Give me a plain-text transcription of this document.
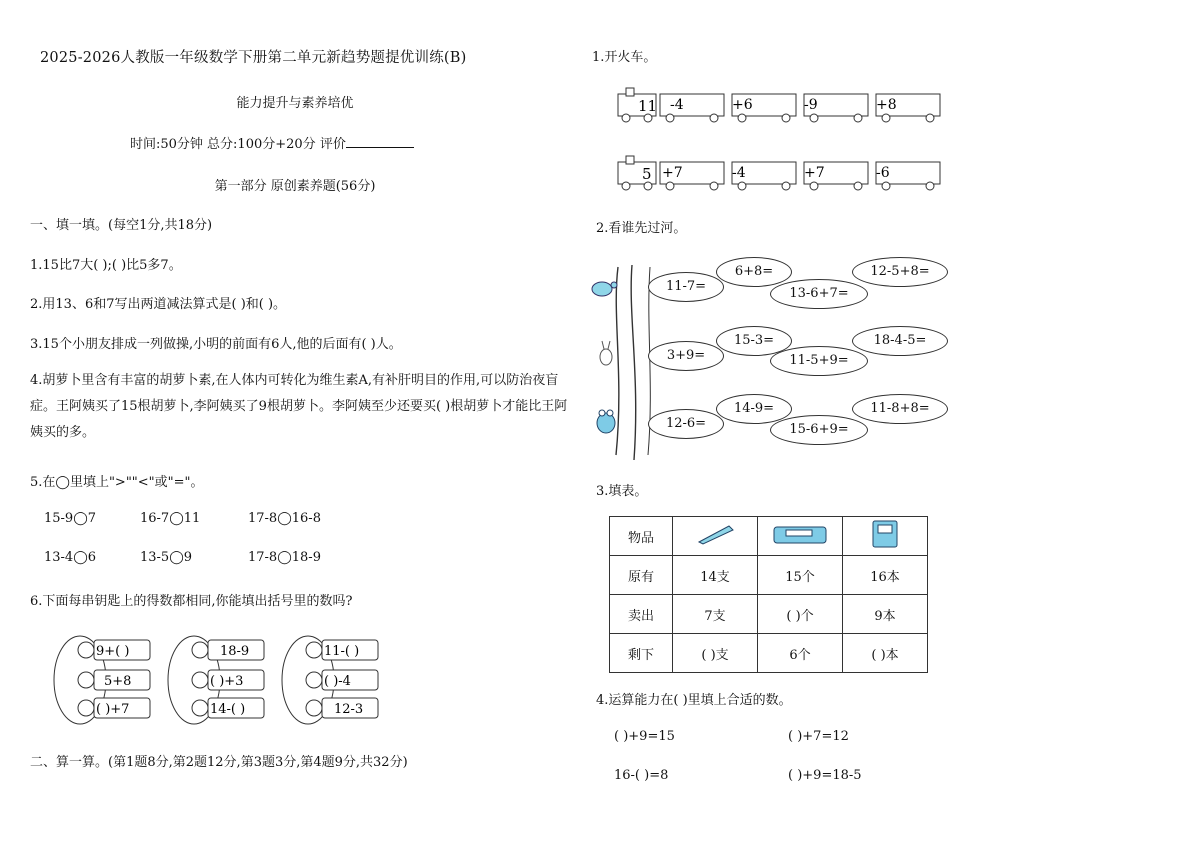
2025-2026人教版一年级数学下册第二单元新趋势题提优训练(B)
能力提升与素养培优
时间:50分钟 总分:100分+20分 评价
第一部分 原创素养题(56分)
一、填一填。(每空1分,共18分)
1.15比7大( );( )比5多7。
2.用13、6和7写出两道减法算式是( )和( )。
3.15个小朋友排成一列做操,小明的前面有6人,他的后面有( )人。
4.胡萝卜里含有丰富的胡萝卜素,在人体内可转化为维生素A,有补肝明目的作用,可以防治夜盲症。王阿姨买了15根胡萝卜,李阿姨买了9根胡萝卜。李阿姨至少还要买( )根胡萝卜才能比王阿姨买的多。
5.在◯里填上">""<"或"="。
15-9◯7	16-7◯11	17-8◯16-8
13-4◯6	13-5◯9	17-8◯18-9
6.下面每串钥匙上的得数都相同,你能填出括号里的数吗?
9+( )
5+8
( )+7
18-9
( )+3
14-( )
11-( )
( )-4
12-3
二、算一算。(第1题8分,第2题12分,第3题3分,第4题9分,共32分)
1.开火车。
11 -4	+6	-9	+8
5 +7	-4	+7	-6
2.看谁先过河。
11-7=
6+8=
13-6+7=
12-5+8=
3+9=
15-3=
11-5+9=
18-4-5=
12-6=
14-9=
15-6+9=
11-8+8=
3.填表。
物品			
原有	14支	15个	16本
卖出	7支	( )个	9本
剩下	( )支	6个	( )本
4.运算能力在( )里填上合适的数。
( )+9=15	( )+7=12
16-( )=8	( )+9=18-5
